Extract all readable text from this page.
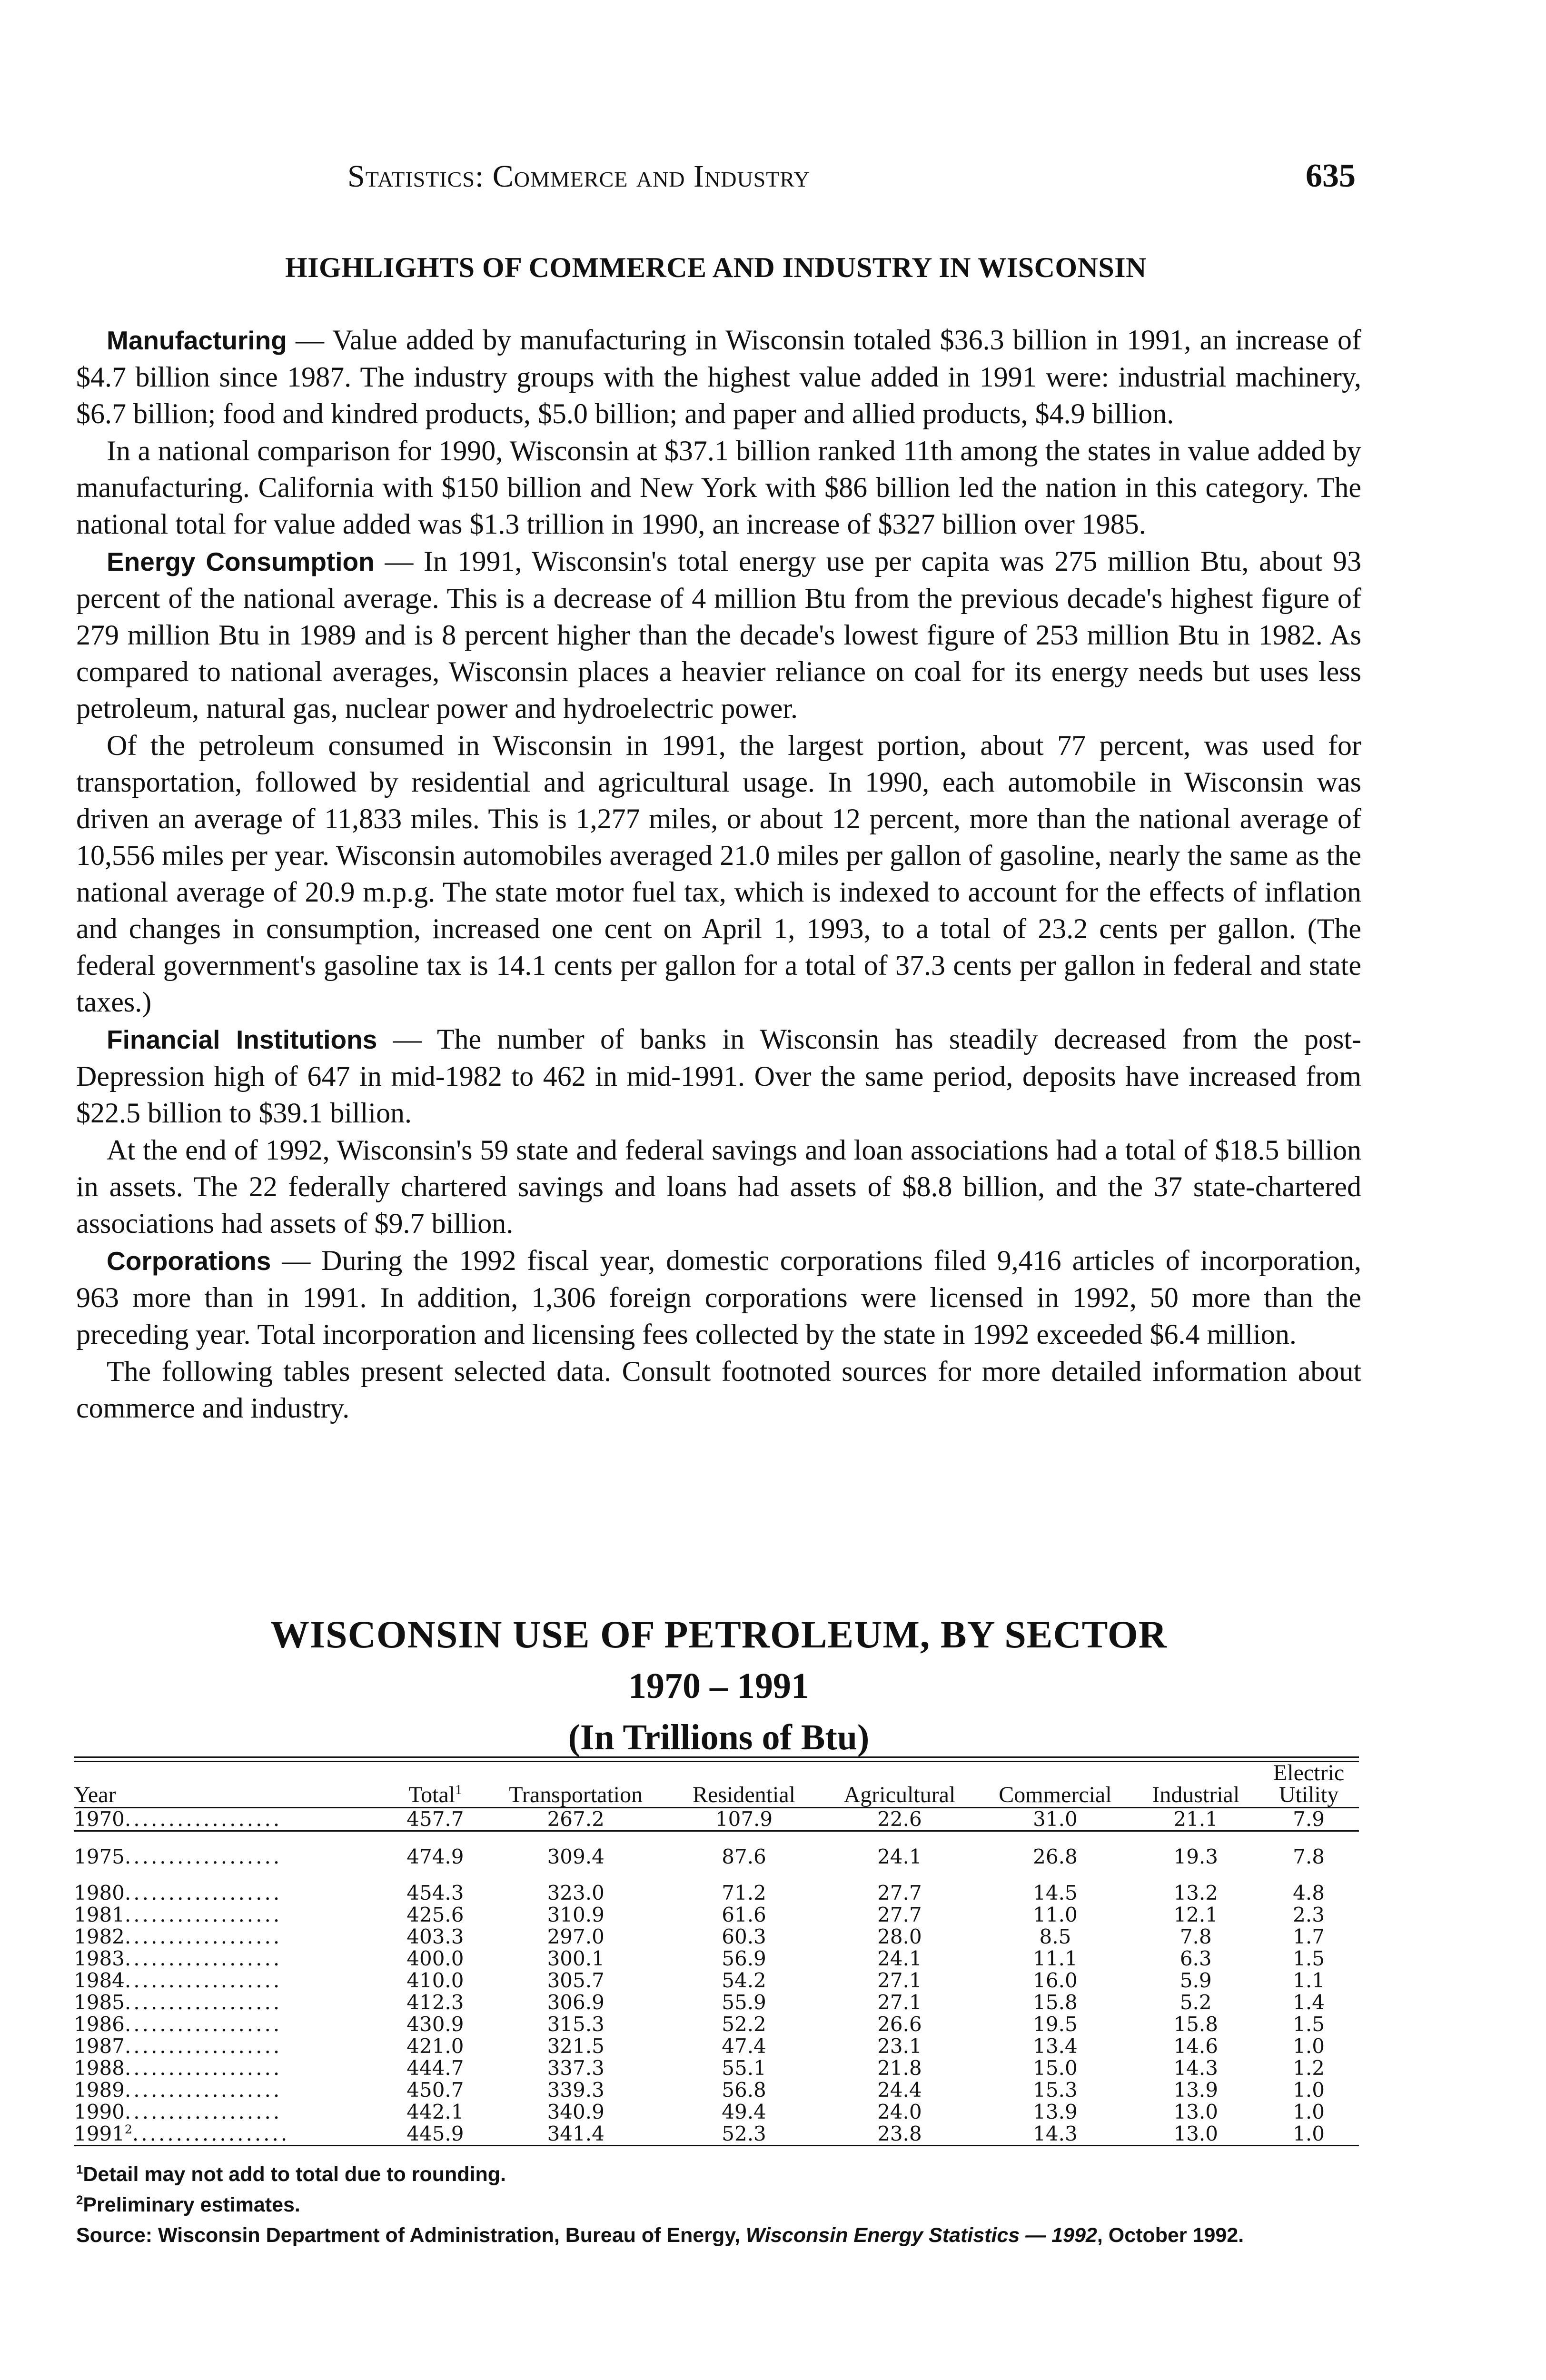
Statistics: Commerce and Industry	635
HIGHLIGHTS OF COMMERCE AND INDUSTRY IN WISCONSIN

Manufacturing — Value added by manufacturing in Wisconsin totaled $36.3 billion in 1991, an increase of $4.7 billion since 1987. The industry groups with the highest value added in 1991 were: industrial machinery, $6.7 billion; food and kindred products, $5.0 billion; and paper and allied products, $4.9 billion.

In a national comparison for 1990, Wisconsin at $37.1 billion ranked 11th among the states in value added by manufacturing. California with $150 billion and New York with $86 billion led the nation in this category. The national total for value added was $1.3 trillion in 1990, an increase of $327 billion over 1985.

Energy Consumption — In 1991, Wisconsin's total energy use per capita was 275 million Btu, about 93 percent of the national average. This is a decrease of 4 million Btu from the previous decade's highest figure of 279 million Btu in 1989 and is 8 percent higher than the decade's lowest figure of 253 million Btu in 1982. As compared to national averages, Wisconsin places a heavier reliance on coal for its energy needs but uses less petroleum, natural gas, nuclear power and hydroelectric power.

Of the petroleum consumed in Wisconsin in 1991, the largest portion, about 77 percent, was used for transportation, followed by residential and agricultural usage. In 1990, each automobile in Wisconsin was driven an average of 11,833 miles. This is 1,277 miles, or about 12 percent, more than the national average of 10,556 miles per year. Wisconsin automobiles averaged 21.0 miles per gallon of gasoline, nearly the same as the national average of 20.9 m.p.g. The state motor fuel tax, which is indexed to account for the effects of inflation and changes in consumption, increased one cent on April 1, 1993, to a total of 23.2 cents per gallon. (The federal government's gasoline tax is 14.1 cents per gallon for a total of 37.3 cents per gallon in federal and state taxes.)

Financial Institutions — The number of banks in Wisconsin has steadily decreased from the post-Depression high of 647 in mid-1982 to 462 in mid-1991. Over the same period, deposits have increased from $22.5 billion to $39.1 billion.

At the end of 1992, Wisconsin's 59 state and federal savings and loan associations had a total of $18.5 billion in assets. The 22 federally chartered savings and loans had assets of $8.8 billion, and the 37 state-chartered associations had assets of $9.7 billion.

Corporations — During the 1992 fiscal year, domestic corporations filed 9,416 articles of incorporation, 963 more than in 1991. In addition, 1,306 foreign corporations were licensed in 1992, 50 more than the preceding year. Total incorporation and licensing fees collected by the state in 1992 exceeded $6.4 million.

The following tables present selected data. Consult footnoted sources for more detailed information about commerce and industry.

WISCONSIN USE OF PETROLEUM, BY SECTOR
1970 – 1991
(In Trillions of Btu)
Year	Total$^1$	Transportation	Residential	Agricultural	Commercial	Industrial	Electric Utility
1970..................	457.7	267.2	107.9	22.6	31.0	21.1	7.9

1975..................	474.9	309.4	87.6	24.1	26.8	19.3	7.8

1980..................	454.3	323.0	71.2	27.7	14.5	13.2	4.8
1981..................	425.6	310.9	61.6	27.7	11.0	12.1	2.3
1982..................	403.3	297.0	60.3	28.0	8.5	7.8	1.7
1983..................	400.0	300.1	56.9	24.1	11.1	6.3	1.5
1984..................	410.0	305.7	54.2	27.1	16.0	5.9	1.1
1985..................	412.3	306.9	55.9	27.1	15.8	5.2	1.4
1986..................	430.9	315.3	52.2	26.6	19.5	15.8	1.5
1987..................	421.0	321.5	47.4	23.1	13.4	14.6	1.0
1988..................	444.7	337.3	55.1	21.8	15.0	14.3	1.2
1989..................	450.7	339.3	56.8	24.4	15.3	13.9	1.0
1990..................	442.1	340.9	49.4	24.0	13.9	13.0	1.0
1991$^2$..................	445.9	341.4	52.3	23.8	14.3	13.0	1.0
$^1$Detail may not add to total due to rounding.
$^2$Preliminary estimates.
Source: Wisconsin Department of Administration, Bureau of Energy, Wisconsin Energy Statistics — 1992, October 1992.
